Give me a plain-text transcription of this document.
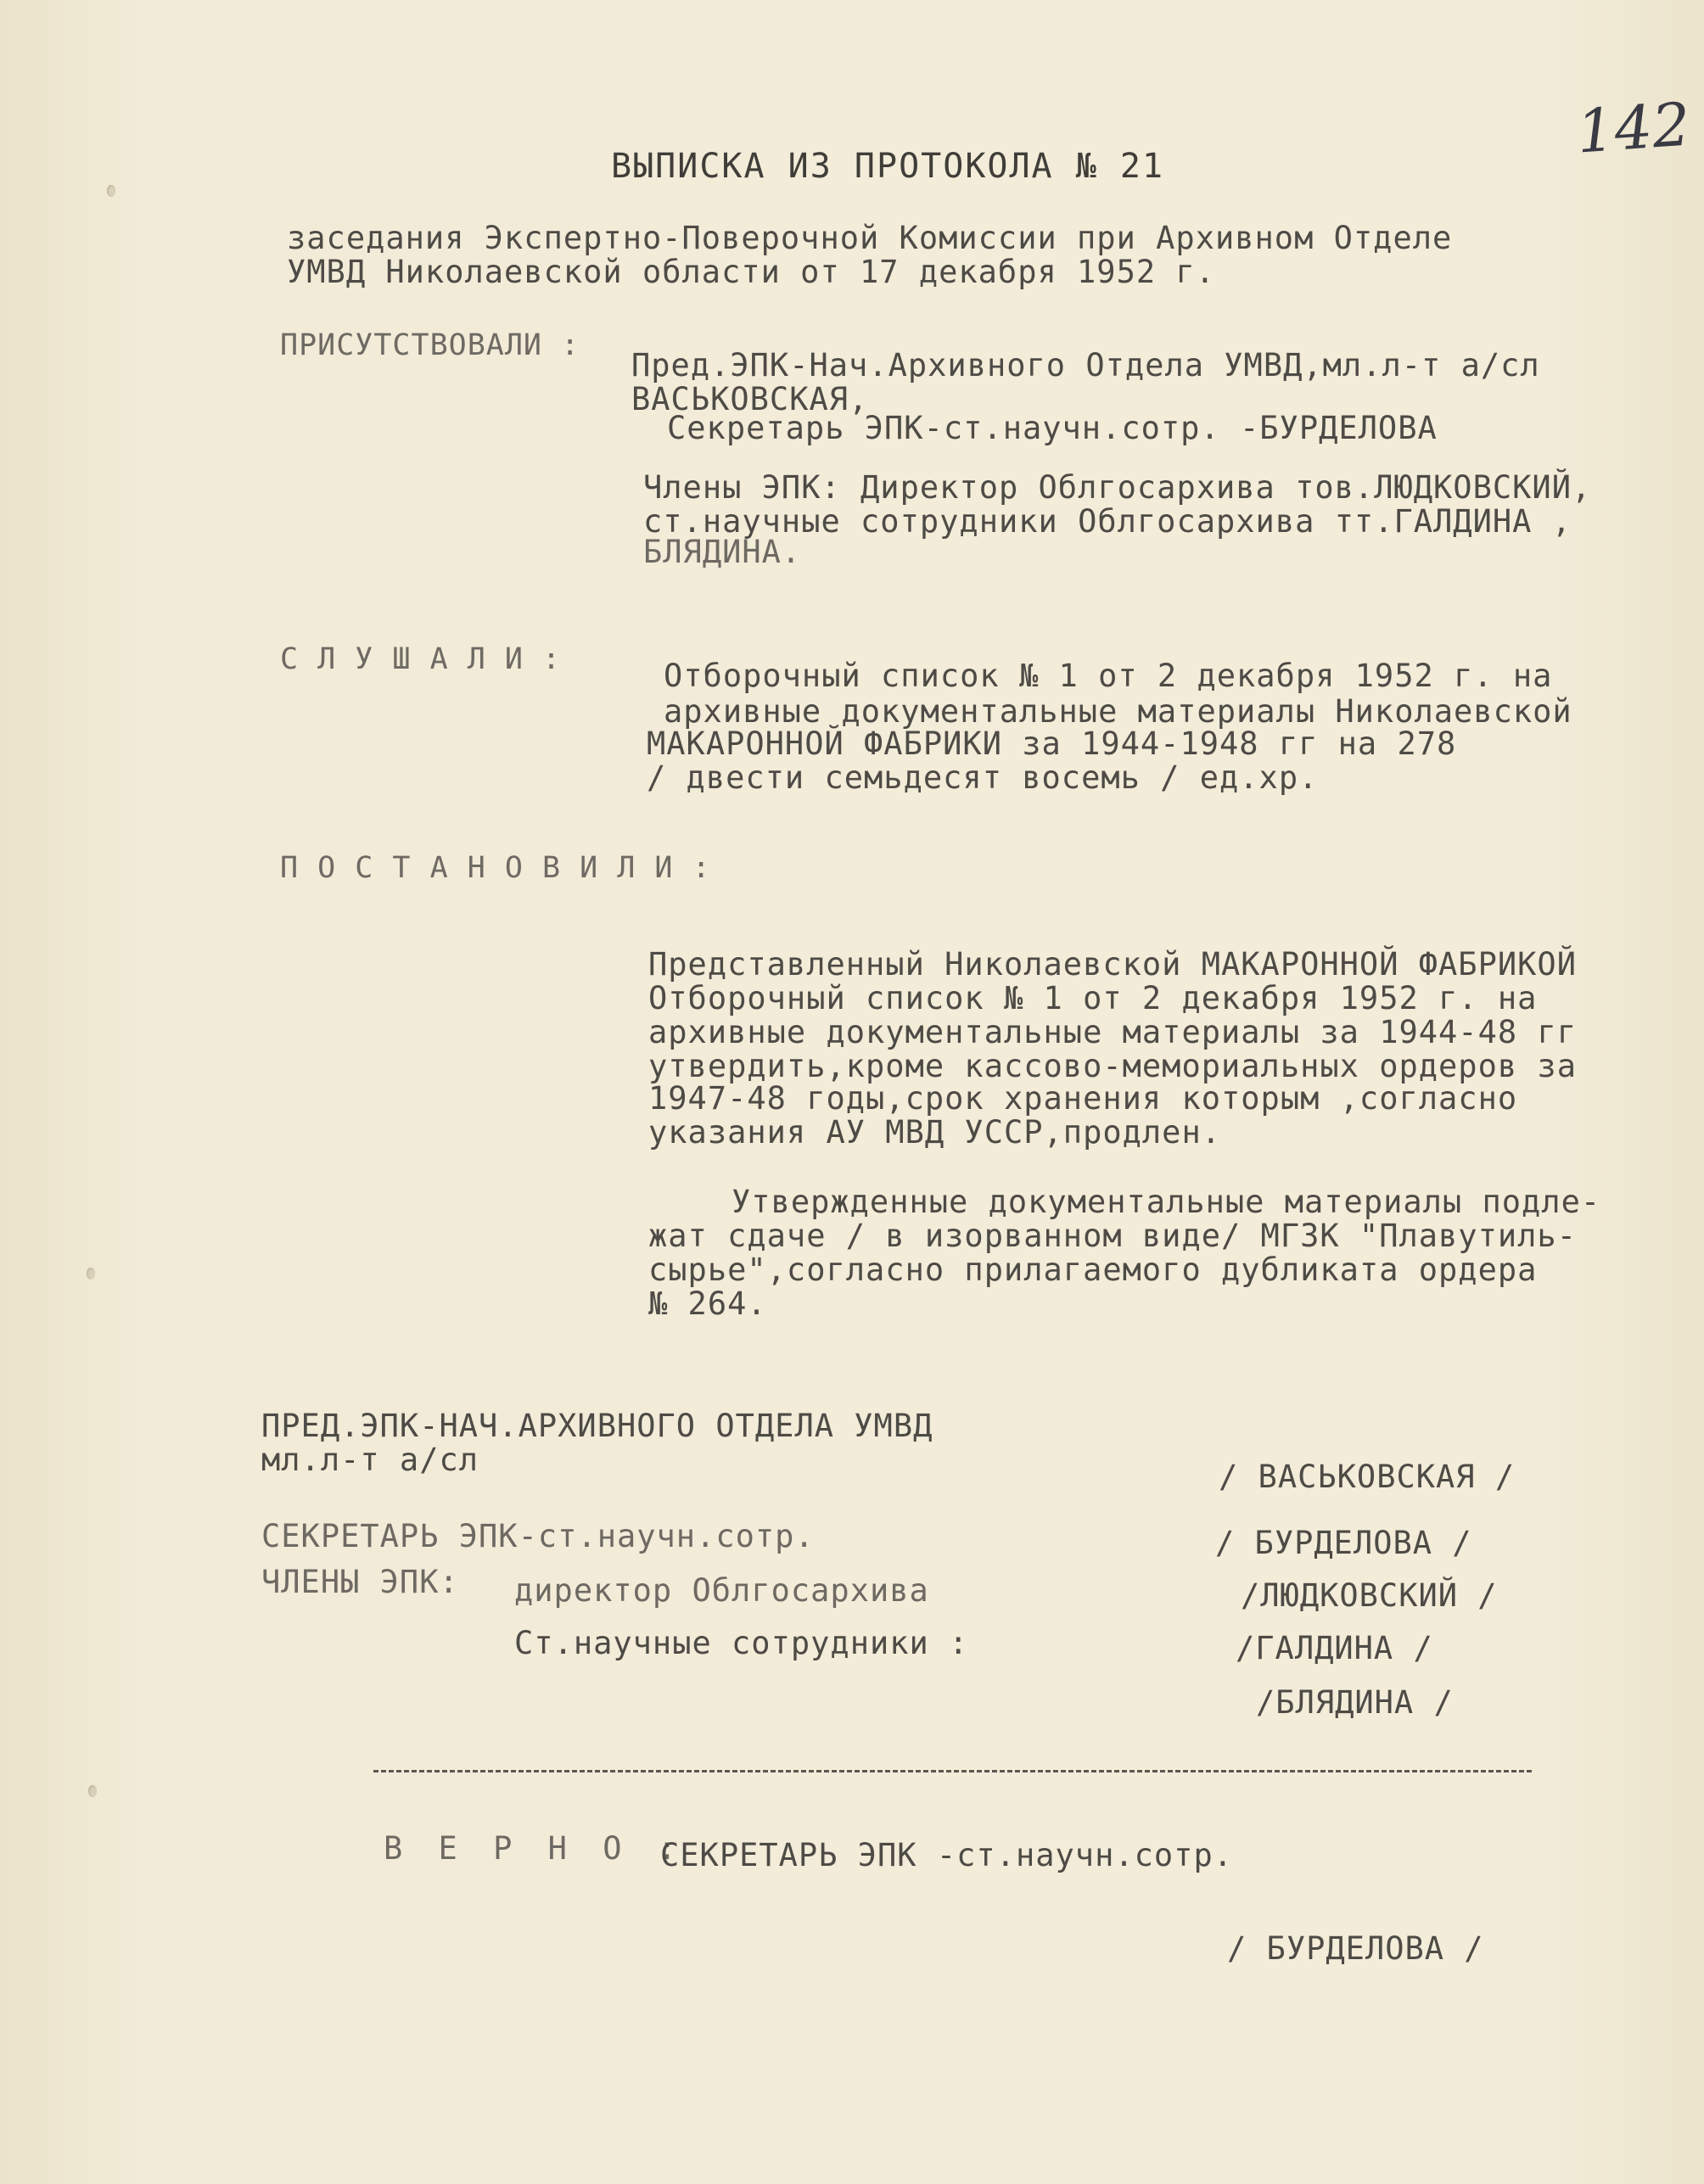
142
ВЫПИСКА ИЗ ПРОТОКОЛА № 21
заседания Экспертно-Поверочной Комиссии при Архивном Отделе
УМВД Николаевской области от 17 декабря 1952 г.
ПРИСУТСТВОВАЛИ :
Пред.ЭПК-Нач.Архивного Отдела УМВД,мл.л-т а/сл
ВАСЬКОВСКАЯ,
Секретарь ЭПК-ст.научн.сотр. -БУРДЕЛОВА
Члены ЭПК: Директор Облгосархива тов.ЛЮДКОВСКИЙ,
ст.научные сотрудники Облгосархива тт.ГАЛДИНА ,
БЛЯДИНА.
С Л У Ш А Л И :	Отборочный список № 1 от 2 декабря 1952 г. на
архивные документальные материалы Николаевской
МАКАРОННОЙ ФАБРИКИ за 1944-1948 гг на 278
/ двести семьдесят восемь / ед.хр.
П О С Т А Н О В И Л И :
Представленный Николаевской МАКАРОННОЙ ФАБРИКОЙ
Отборочный список № 1 от 2 декабря 1952 г. на
архивные документальные материалы за 1944-48 гг
утвердить,кроме кассово-мемориальных ордеров за
1947-48 годы,срок хранения которым ,согласно
указания АУ МВД УССР,продлен.
Утвержденные документальные материалы подле-
жат сдаче / в изорванном виде/ МГЗК "Плавутиль-
сырье",согласно прилагаемого дубликата ордера
№ 264.
ПРЕД.ЭПК-НАЧ.АРХИВНОГО ОТДЕЛА УМВД
мл.л-т а/сл	/ ВАСЬКОВСКАЯ /
СЕКРЕТАРЬ ЭПК-ст.научн.сотр.	/ БУРДЕЛОВА /
ЧЛЕНЫ ЭПК: директор Облгосархива	/ЛЮДКОВСКИЙ /
Ст.научные сотрудники :	/ГАЛДИНА /
/БЛЯДИНА /
В Е Р Н О :
СЕКРЕТАРЬ ЭПК -ст.научн.сотр.
/ БУРДЕЛОВА /
